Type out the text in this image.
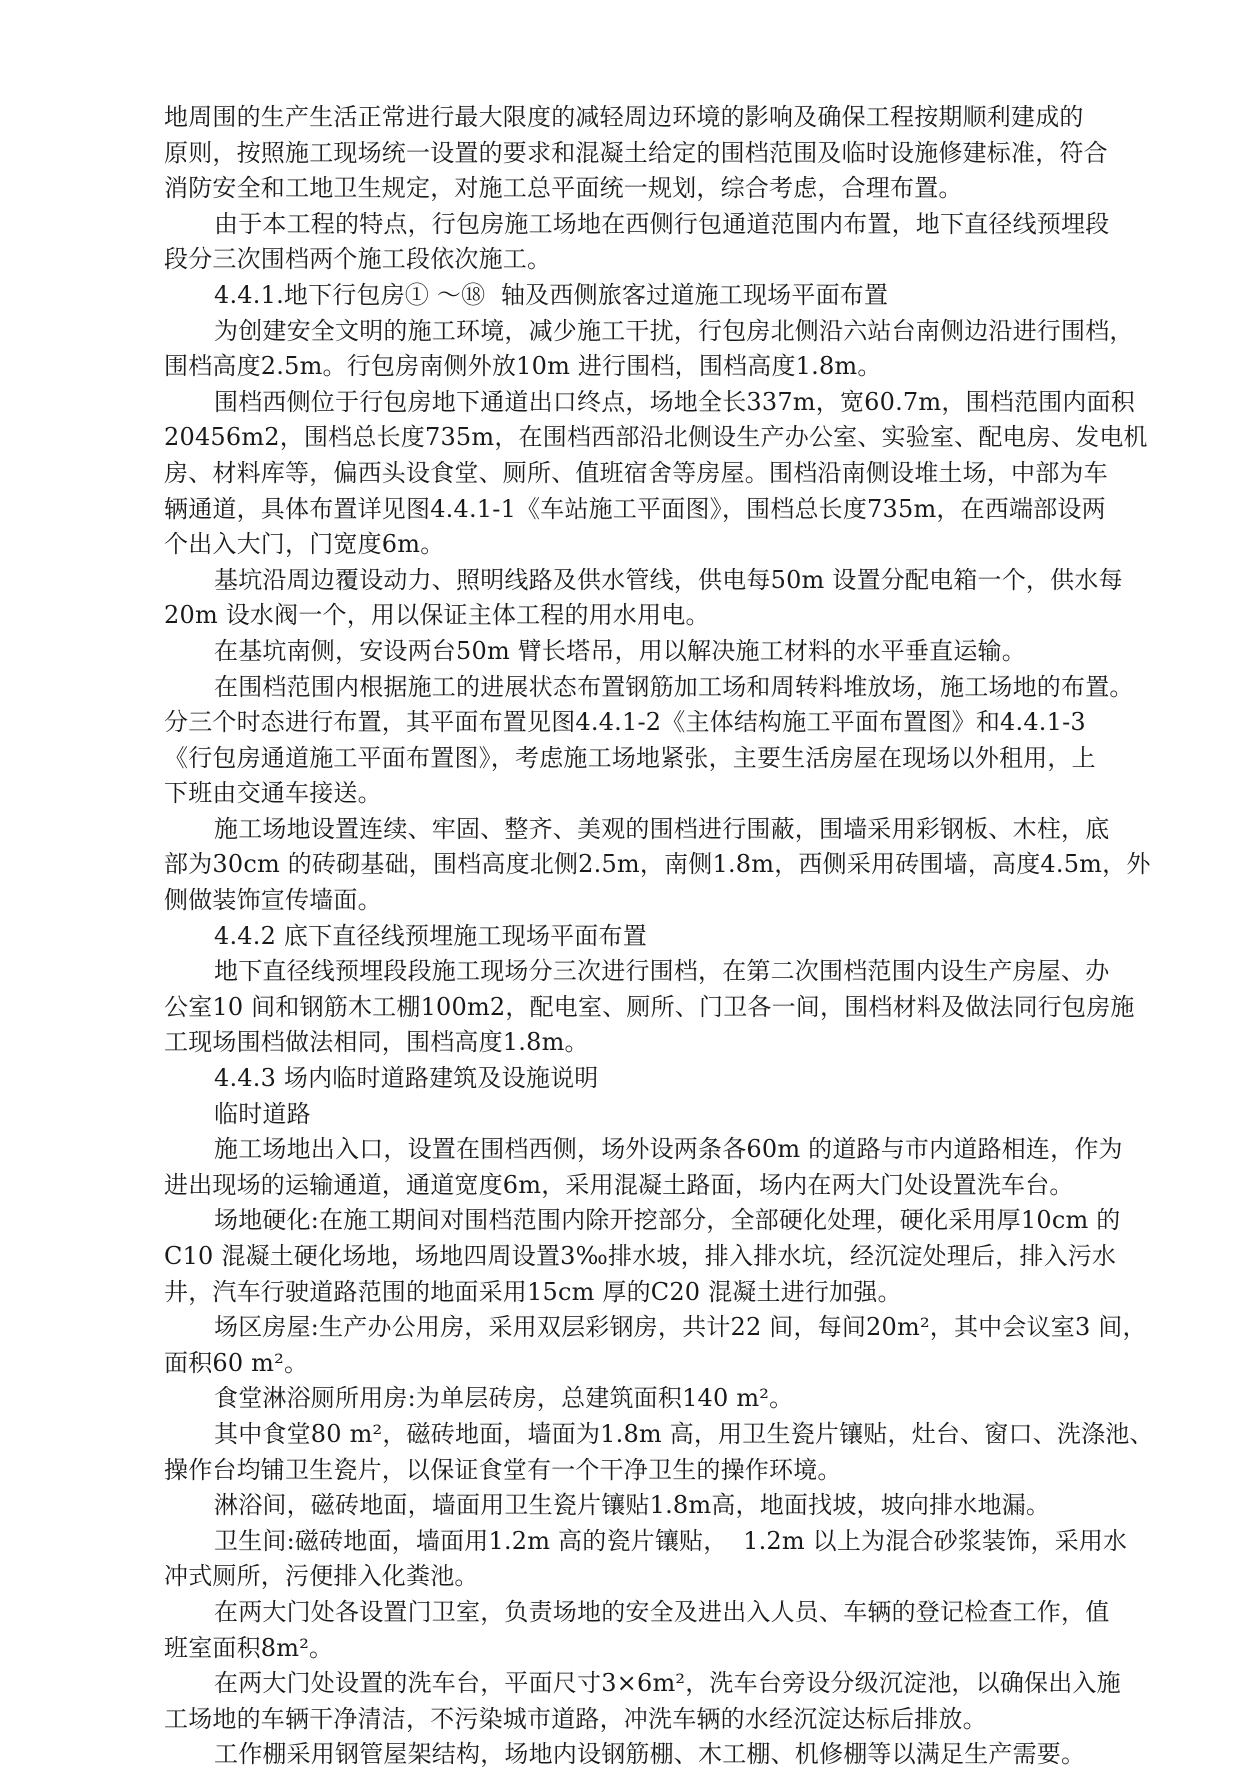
地周围的生产生活正常进行最大限度的减轻周边环境的影响及确保工程按期顺利建成的
原则，按照施工现场统一设置的要求和混凝土给定的围档范围及临时设施修建标准，符合
消防安全和工地卫生规定，对施工总平面统一规划，综合考虑，合理布置。
由于本工程的特点，行包房施工场地在西侧行包通道范围内布置，地下直径线预埋段
段分三次围档两个施工段依次施工。
4.4.1.地下行包房① ～⑱  轴及西侧旅客过道施工现场平面布置
为创建安全文明的施工环境，减少施工干扰，行包房北侧沿六站台南侧边沿进行围档，
围档高度2.5m。行包房南侧外放10m 进行围档，围档高度1.8m。
围档西侧位于行包房地下通道出口终点，场地全长337m，宽60.7m，围档范围内面积
20456m2，围档总长度735m，在围档西部沿北侧设生产办公室、实验室、配电房、发电机
房、材料库等，偏西头设食堂、厕所、值班宿舍等房屋。围档沿南侧设堆土场，中部为车
辆通道，具体布置详见图4.4.1-1《车站施工平面图》，围档总长度735m，在西端部设两
个出入大门，门宽度6m。
基坑沿周边覆设动力、照明线路及供水管线，供电每50m 设置分配电箱一个，供水每
20m 设水阀一个，用以保证主体工程的用水用电。
在基坑南侧，安设两台50m 臂长塔吊，用以解决施工材料的水平垂直运输。
在围档范围内根据施工的进展状态布置钢筋加工场和周转料堆放场，施工场地的布置。
分三个时态进行布置，其平面布置见图4.4.1-2《主体结构施工平面布置图》和4.4.1-3
《行包房通道施工平面布置图》，考虑施工场地紧张，主要生活房屋在现场以外租用，上
下班由交通车接送。
施工场地设置连续、牢固、整齐、美观的围档进行围蔽，围墙采用彩钢板、木柱，底
部为30cm 的砖砌基础，围档高度北侧2.5m，南侧1.8m，西侧采用砖围墙，高度4.5m，外
侧做装饰宣传墙面。
4.4.2 底下直径线预埋施工现场平面布置
地下直径线预埋段段施工现场分三次进行围档，在第二次围档范围内设生产房屋、办
公室10 间和钢筋木工棚100m2，配电室、厕所、门卫各一间，围档材料及做法同行包房施
工现场围档做法相同，围档高度1.8m。
4.4.3 场内临时道路建筑及设施说明
临时道路
施工场地出入口，设置在围档西侧，场外设两条各60m 的道路与市内道路相连，作为
进出现场的运输通道，通道宽度6m，采用混凝土路面，场内在两大门处设置洗车台。
场地硬化:在施工期间对围档范围内除开挖部分，全部硬化处理，硬化采用厚10cm 的
C10 混凝土硬化场地，场地四周设置3‰排水坡，排入排水坑，经沉淀处理后，排入污水
井，汽车行驶道路范围的地面采用15cm 厚的C20 混凝土进行加强。
场区房屋:生产办公用房，采用双层彩钢房，共计22 间，每间20m²，其中会议室3 间，
面积60 m²。
食堂淋浴厕所用房:为单层砖房，总建筑面积140 m²。
其中食堂80 m²，磁砖地面，墙面为1.8m 高，用卫生瓷片镶贴，灶台、窗口、洗涤池、
操作台均铺卫生瓷片，以保证食堂有一个干净卫生的操作环境。
淋浴间，磁砖地面，墙面用卫生瓷片镶贴1.8m高，地面找坡，坡向排水地漏。
卫生间:磁砖地面，墙面用1.2m 高的瓷片镶贴，  1.2m 以上为混合砂浆装饰，采用水
冲式厕所，污便排入化粪池。
在两大门处各设置门卫室，负责场地的安全及进出入人员、车辆的登记检查工作，值
班室面积8m²。
在两大门处设置的洗车台，平面尺寸3×6m²，洗车台旁设分级沉淀池，以确保出入施
工场地的车辆干净清洁，不污染城市道路，冲洗车辆的水经沉淀达标后排放。
工作棚采用钢管屋架结构，场地内设钢筋棚、木工棚、机修棚等以满足生产需要。
